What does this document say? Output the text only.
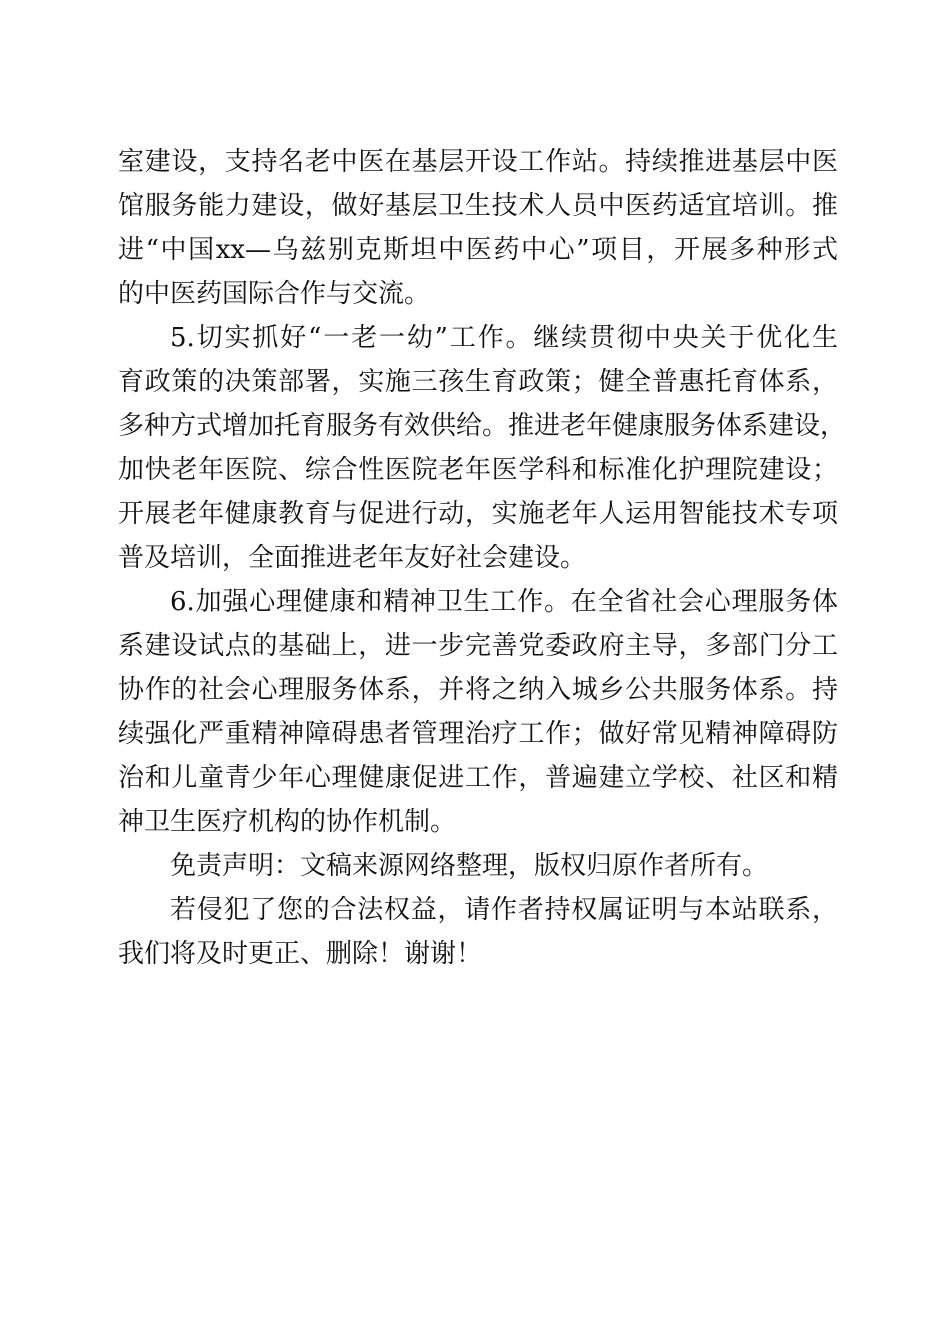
室建设，支持名老中医在基层开设工作站。持续推进基层中医
馆服务能力建设，做好基层卫生技术人员中医药适宜培训。推
进“中国xx—乌兹别克斯坦中医药中心”项目，开展多种形式
的中医药国际合作与交流。
5.切实抓好“一老一幼”工作。继续贯彻中央关于优化生
育政策的决策部署，实施三孩生育政策；健全普惠托育体系，
多种方式增加托育服务有效供给。推进老年健康服务体系建设，
加快老年医院、综合性医院老年医学科和标准化护理院建设；
开展老年健康教育与促进行动，实施老年人运用智能技术专项
普及培训，全面推进老年友好社会建设。
6.加强心理健康和精神卫生工作。在全省社会心理服务体
系建设试点的基础上，进一步完善党委政府主导，多部门分工
协作的社会心理服务体系，并将之纳入城乡公共服务体系。持
续强化严重精神障碍患者管理治疗工作；做好常见精神障碍防
治和儿童青少年心理健康促进工作，普遍建立学校、社区和精
神卫生医疗机构的协作机制。
免责声明：文稿来源网络整理，版权归原作者所有。
若侵犯了您的合法权益，请作者持权属证明与本站联系，
我们将及时更正、删除！谢谢！
